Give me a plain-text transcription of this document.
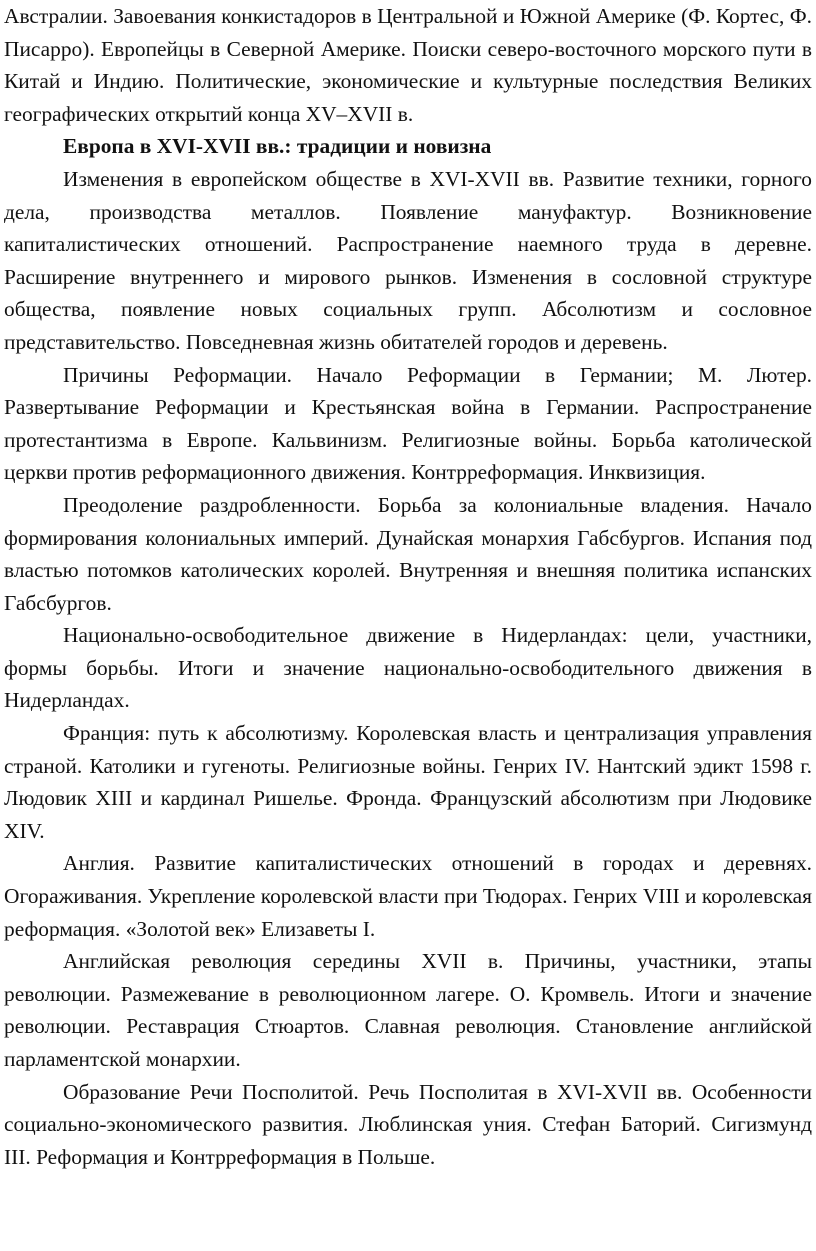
Австралии. Завоевания конкистадоров в Центральной и Южной Америке (Ф. Кортес, Ф. Писарро). Европейцы в Северной Америке. Поиски северо-восточного морского пути в Китай и Индию. Политические, экономические и культурные последствия Великих географических открытий конца XV–XVII в.

Европа в XVI-XVII вв.: традиции и новизна

Изменения в европейском обществе в XVI-XVII вв. Развитие техники, горного дела, производства металлов. Появление мануфактур. Возникновение капиталистических отношений. Распространение наемного труда в деревне. Расширение внутреннего и мирового рынков. Изменения в сословной структуре общества, появление новых социальных групп. Абсолютизм и сословное представительство. Повседневная жизнь обитателей городов и деревень.

Причины Реформации. Начало Реформации в Германии; М. Лютер. Развертывание Реформации и Крестьянская война в Германии. Распространение протестантизма в Европе. Кальвинизм. Религиозные войны. Борьба католической церкви против реформационного движения. Контрреформация. Инквизиция.

Преодоление раздробленности. Борьба за колониальные владения. Начало формирования колониальных империй. Дунайская монархия Габсбургов. Испания под властью потомков католических королей. Внутренняя и внешняя политика испанских Габсбургов.

Национально-освободительное движение в Нидерландах: цели, участники, формы борьбы. Итоги и значение национально-освободительного движения в Нидерландах.

Франция: путь к абсолютизму. Королевская власть и централизация управления страной. Католики и гугеноты. Религиозные войны. Генрих IV. Нантский эдикт 1598 г. Людовик XIII и кардинал Ришелье. Фронда. Французский абсолютизм при Людовике XIV.

Англия. Развитие капиталистических отношений в городах и деревнях. Огораживания. Укрепление королевской власти при Тюдорах. Генрих VIII и королевская реформация. «Золотой век» Елизаветы I.

Английская революция середины XVII в. Причины, участники, этапы революции. Размежевание в революционном лагере. О. Кромвель. Итоги и значение революции. Реставрация Стюартов. Славная революция. Становление английской парламентской монархии.

Образование Речи Посполитой. Речь Посполитая в XVI-XVII вв. Особенности социально-экономического развития. Люблинская уния. Стефан Баторий. Сигизмунд III. Реформация и Контрреформация в Польше.
